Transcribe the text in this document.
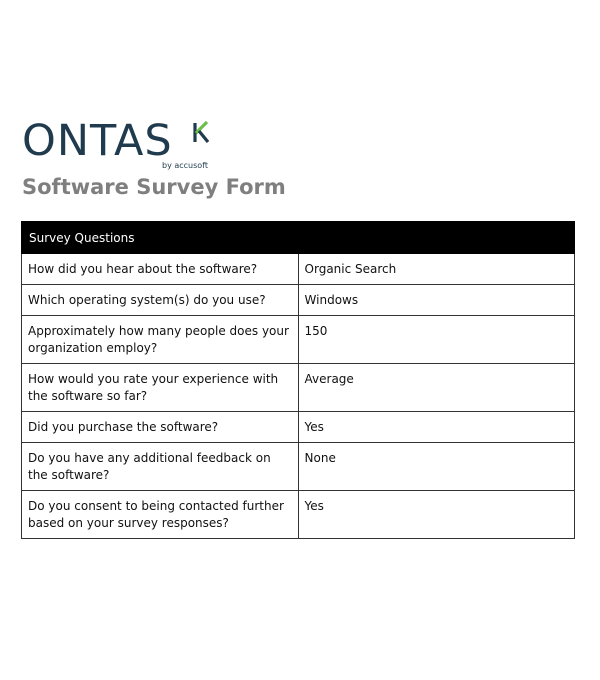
ONTAS
by accusoft
Software Survey Form
Survey Questions	
How did you hear about the software?	Organic Search
Which operating system(s) do you use?	Windows
Approximately how many people does your organization employ?	150
How would you rate your experience with the software so far?	Average
Did you purchase the software?	Yes
Do you have any additional feedback on the software?	None
Do you consent to being contacted further based on your survey responses?	Yes
